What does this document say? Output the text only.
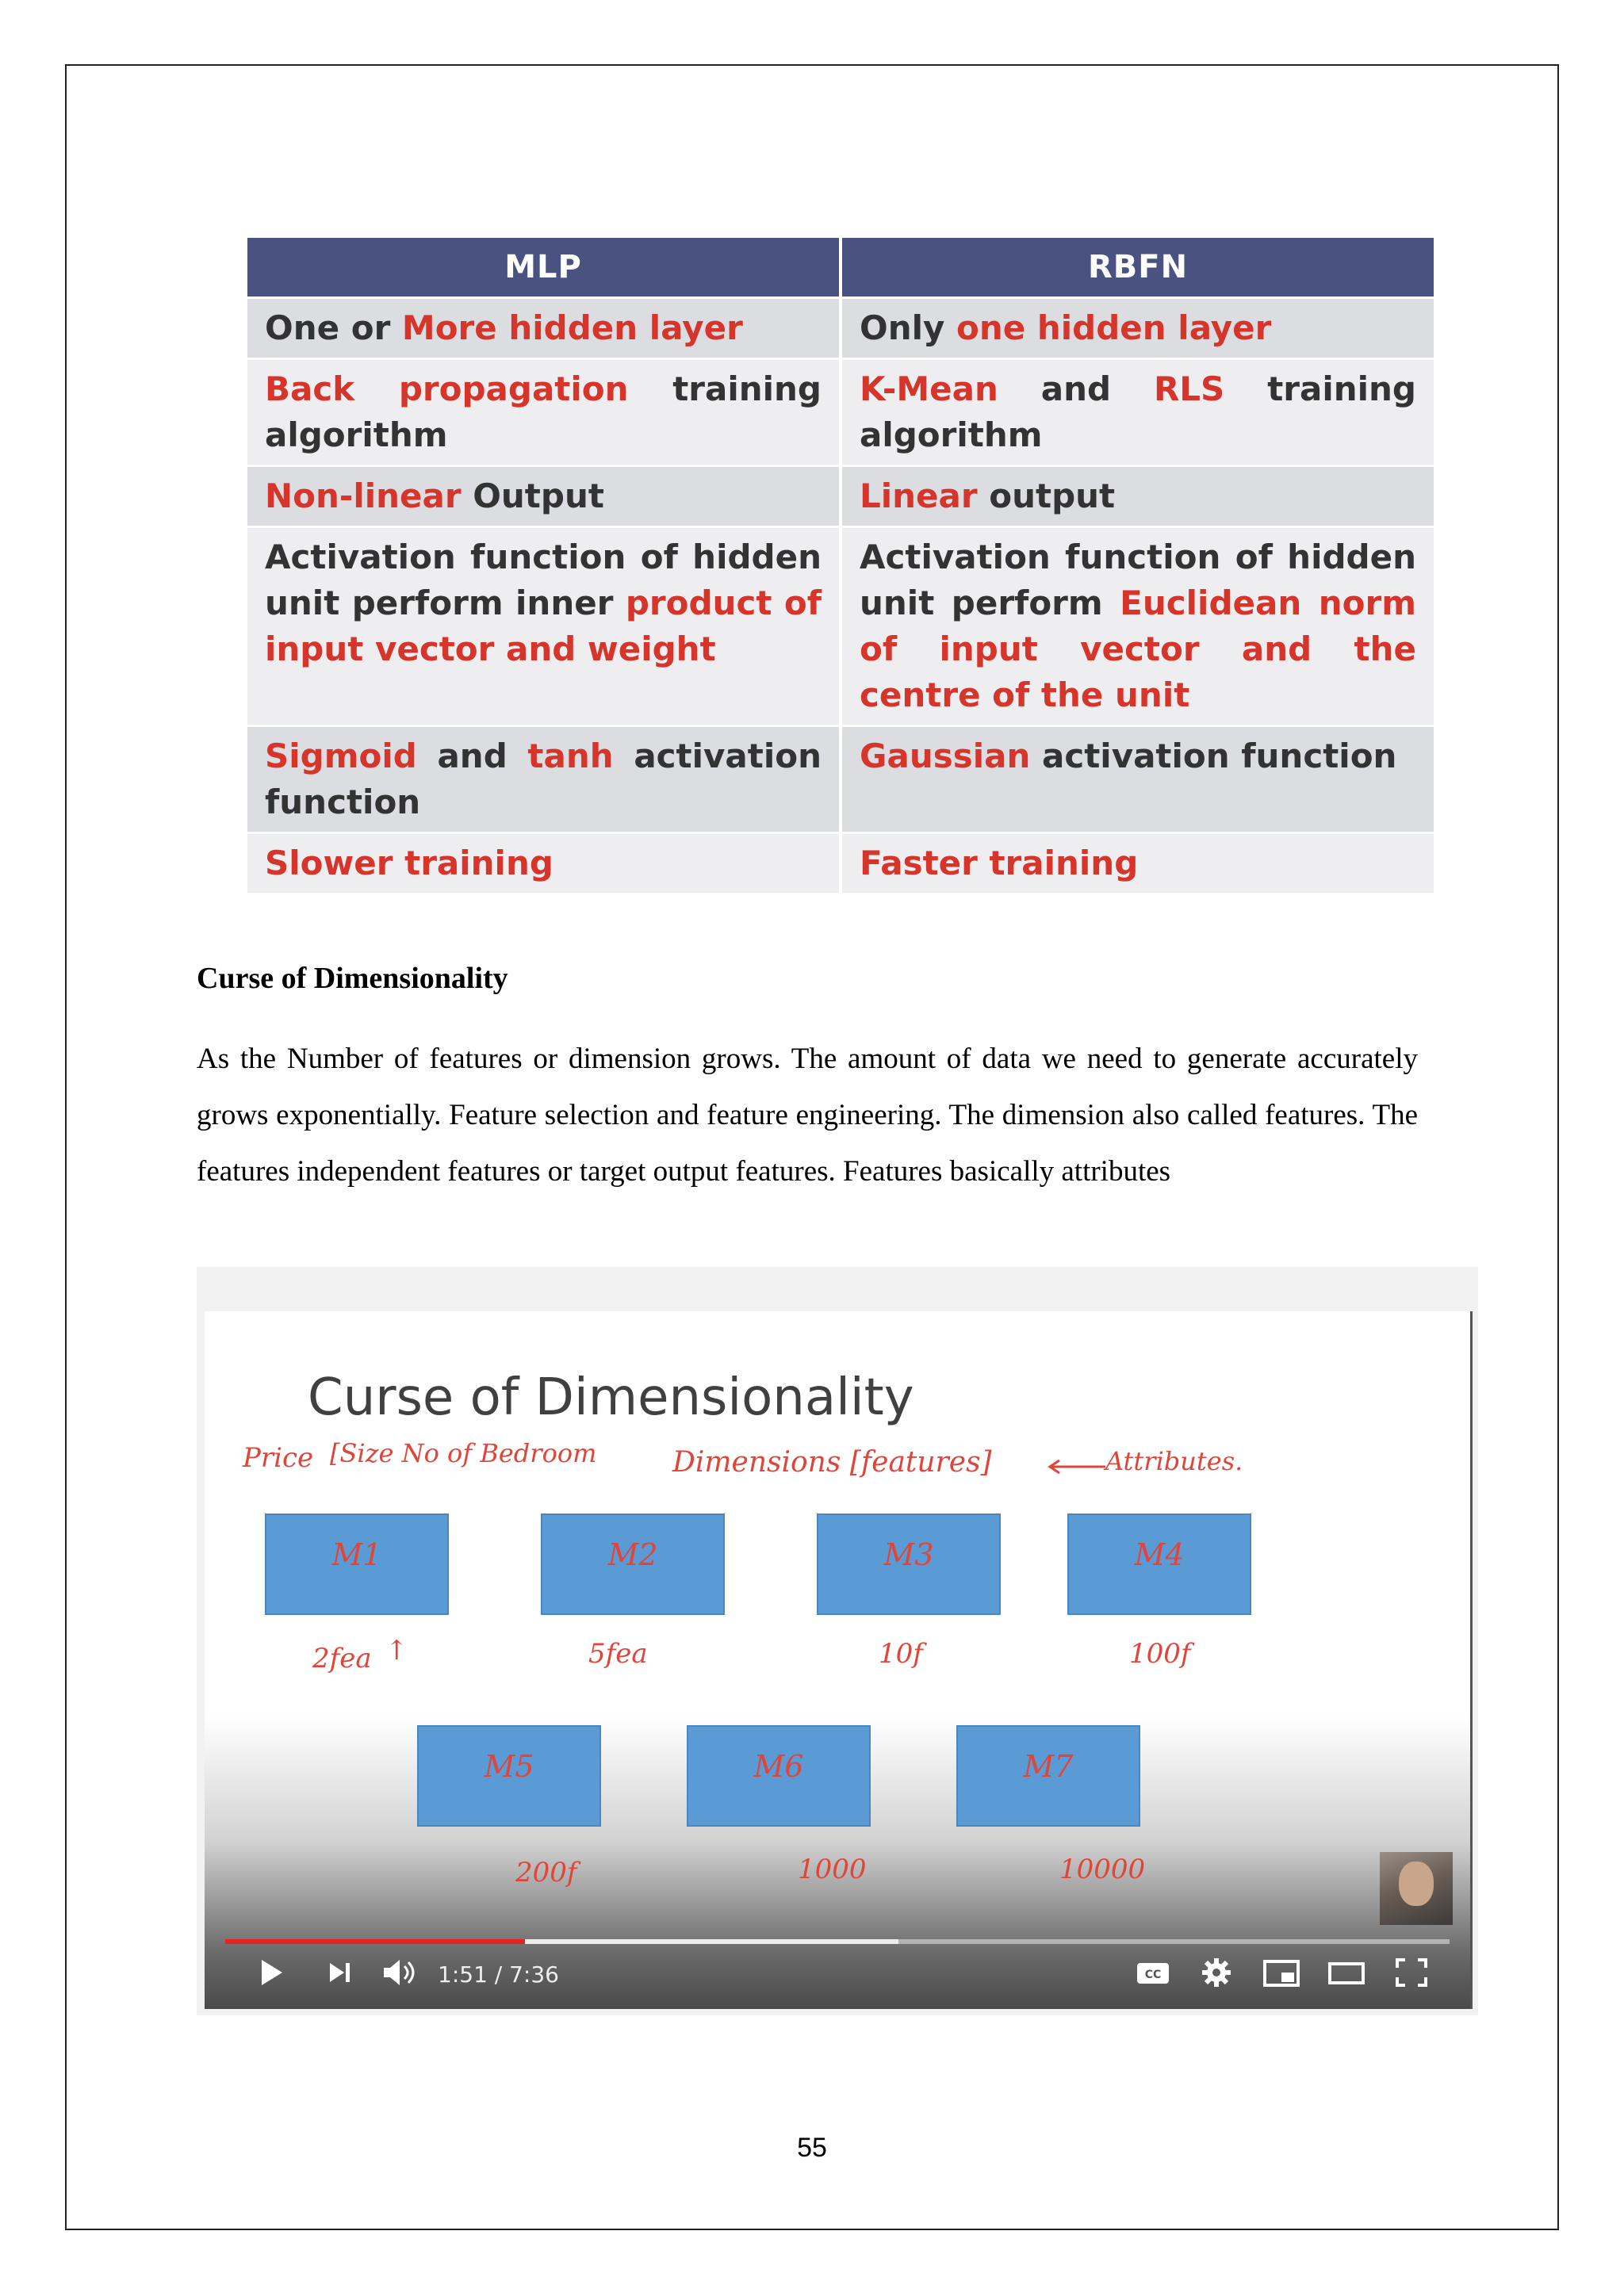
MLP	RBFN
One or More hidden layer	Only one hidden layer
Back propagation training algorithm	K-Mean and RLS training algorithm
Non-linear Output	Linear output
Activation function of hidden unit perform inner product of input vector and weight	Activation function of hidden unit perform Euclidean norm of input vector and the centre of the unit
Sigmoid and tanh activation function	Gaussian activation function
Slower training	Faster training
Curse of Dimensionality
As the Number of features or dimension grows. The amount of data we need to generate accurately grows exponentially. Feature selection and feature engineering. The dimension also called features. The features independent features or target output features. Features basically attributes
Curse of Dimensionality
Price [Size No of Bedroom	Dimensions [features]	Attributes.
M1	M2	M3	M4
2fea ↑	5fea	10f	100f
M5	M6	M7
200f	1000	10000
1:51 / 7:36	CC
55
